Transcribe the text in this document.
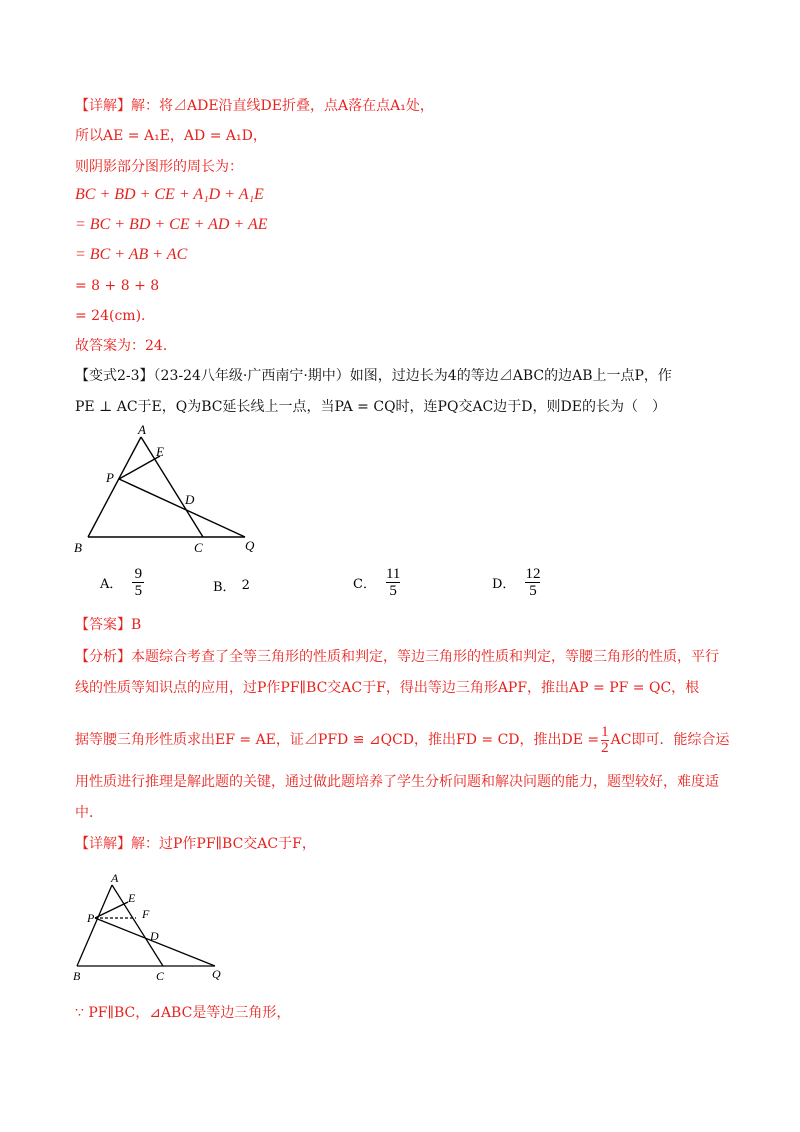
【详解】解：将⊿ADE沿直线DE折叠，点A落在点A₁处，
所以AE = A₁E，AD = A₁D，
则阴影部分图形的周长为：
BC + BD + CE + A₁D + A₁E
= BC + BD + CE + AD + AE
= BC + AB + AC
= 8 + 8 + 8
= 24(cm).
故答案为：24．
【变式2-3】（23-24八年级·广西南宁·期中）如图，过边长为4的等边⊿ABC的边AB上一点P，作
PE ⊥ AC于E，Q为BC延长线上一点，当PA = CQ时，连PQ交AC边于D，则DE的长为（　）
A
E
P
D
B	C	Q
A． $\frac{9}{5}$	B． 2	C． $\frac{11}{5}$	D． $\frac{12}{5}$
【答案】B
【分析】本题综合考查了全等三角形的性质和判定，等边三角形的性质和判定，等腰三角形的性质，平行
线的性质等知识点的应用，过P作PF∥BC交AC于F，得出等边三角形APF，推出AP = PF = QC，根
据等腰三角形性质求出EF = AE，证⊿PFD ≌ ⊿QCD，推出FD = CD，推出DE =
1
2 AC即可．能综合运
用性质进行推理是解此题的关键，通过做此题培养了学生分析问题和解决问题的能力，题型较好，难度适
中．
【详解】解：过P作PF∥BC交AC于F，
A
E
F
P
D
B	C	Q
∵ PF∥BC，⊿ABC是等边三角形，
